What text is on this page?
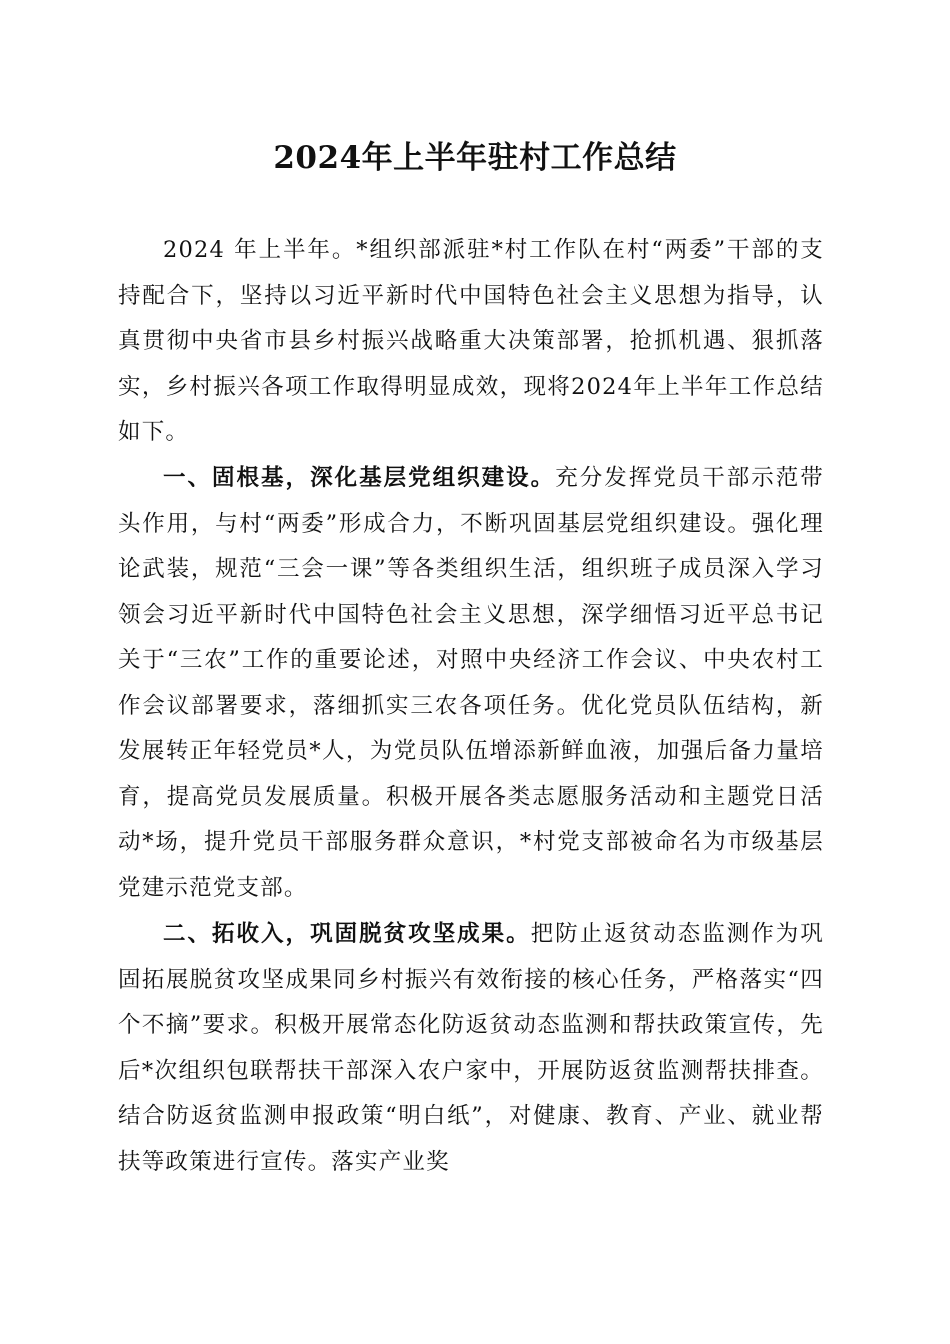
2024年上半年驻村工作总结

2024 年上半年。*组织部派驻*村工作队在村“两委”干部的支持配合下，坚持以习近平新时代中国特色社会主义思想为指导，认真贯彻中央省市县乡村振兴战略重大决策部署，抢抓机遇、狠抓落实，乡村振兴各项工作取得明显成效，现将2024年上半年工作总结如下。

一、固根基，深化基层党组织建设。充分发挥党员干部示范带头作用，与村“两委”形成合力，不断巩固基层党组织建设。强化理论武装，规范“三会一课”等各类组织生活，组织班子成员深入学习领会习近平新时代中国特色社会主义思想，深学细悟习近平总书记关于“三农”工作的重要论述，对照中央经济工作会议、中央农村工作会议部署要求，落细抓实三农各项任务。优化党员队伍结构，新发展转正年轻党员*人，为党员队伍增添新鲜血液，加强后备力量培育，提高党员发展质量。积极开展各类志愿服务活动和主题党日活动*场，提升党员干部服务群众意识，*村党支部被命名为市级基层党建示范党支部。

二、拓收入，巩固脱贫攻坚成果。把防止返贫动态监测作为巩固拓展脱贫攻坚成果同乡村振兴有效衔接的核心任务，严格落实“四个不摘”要求。积极开展常态化防返贫动态监测和帮扶政策宣传，先后*次组织包联帮扶干部深入农户家中，开展防返贫监测帮扶排查。结合防返贫监测申报政策“明白纸”，对健康、教育、产业、就业帮扶等政策进行宣传。落实产业奖
